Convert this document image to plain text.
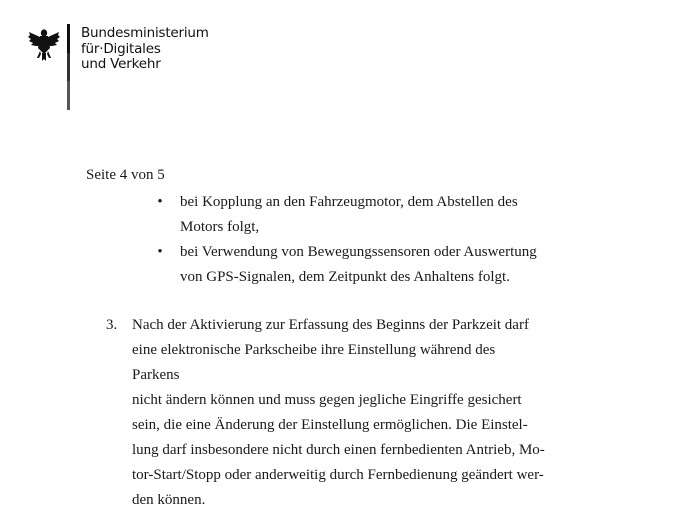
Bundesministerium
für·Digitales
und Verkehr
Seite 4 von 5
• bei Kopplung an den Fahrzeugmotor, dem Abstellen des
Motors folgt,
• bei Verwendung von Bewegungssensoren oder Auswertung
von GPS-Signalen, dem Zeitpunkt des Anhaltens folgt.
3. Nach der Aktivierung zur Erfassung des Beginns der Parkzeit darf
eine elektronische Parkscheibe ihre Einstellung während des Parkens
nicht ändern können und muss gegen jegliche Eingriffe gesichert
sein, die eine Änderung der Einstellung ermöglichen. Die Einstel-
lung darf insbesondere nicht durch einen fernbedienten Antrieb, Mo-
tor-Start/Stopp oder anderweitig durch Fernbedienung geändert wer-
den können.
